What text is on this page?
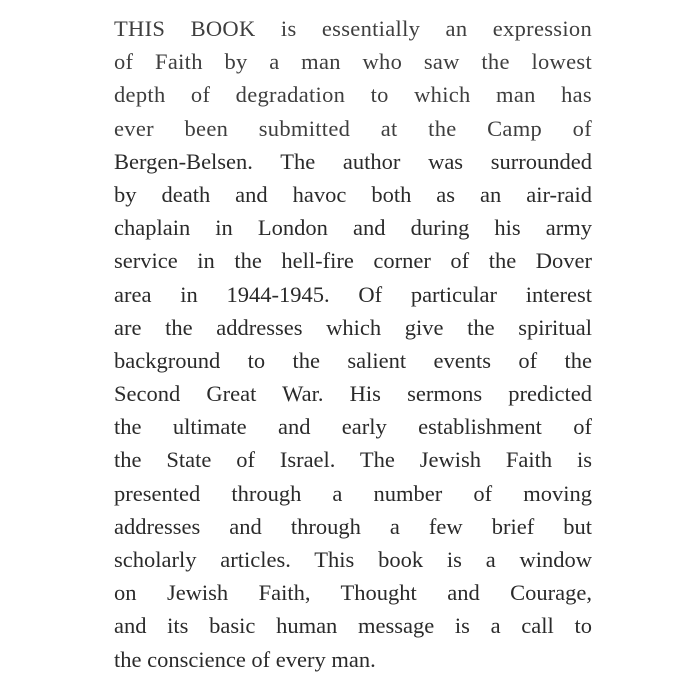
THIS BOOK is essentially an expression
of Faith by a man who saw the lowest
depth of degradation to which man has
ever been submitted at the Camp of
Bergen-Belsen. The author was surrounded
by death and havoc both as an air-raid
chaplain in London and during his army
service in the hell-fire corner of the Dover
area in 1944-1945. Of particular interest
are the addresses which give the spiritual
background to the salient events of the
Second Great War. His sermons predicted
the ultimate and early establishment of
the State of Israel. The Jewish Faith is
presented through a number of moving
addresses and through a few brief but
scholarly articles. This book is a window
on Jewish Faith, Thought and Courage,
and its basic human message is a call to
the conscience of every man.
